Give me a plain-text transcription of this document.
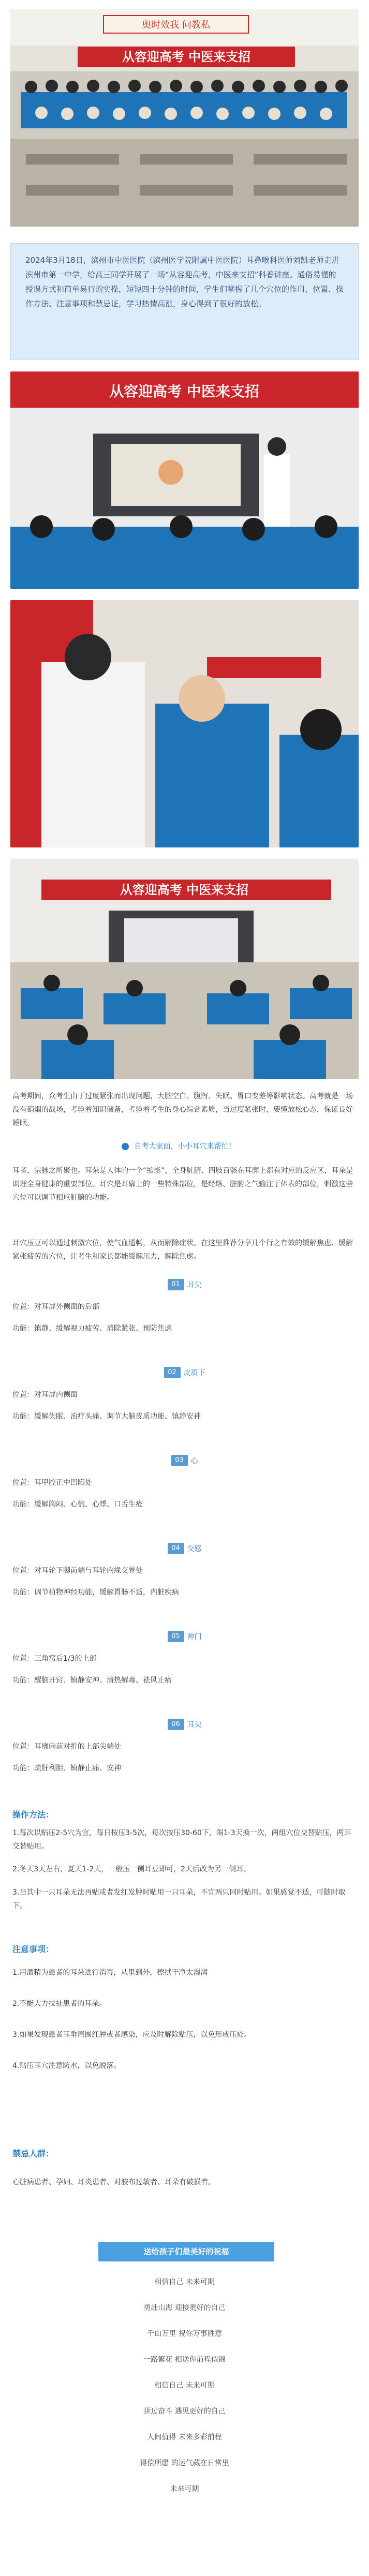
奥时效我 问教私
从容迎高考 中医来支招
2024年3月18日，滨州市中医医院（滨州医学院附属中医医院）耳鼻喉科医师刘凯老师走进滨州市第一中学，给高三同学开展了一场“从容迎高考，中医来支招”科普讲座。通俗易懂的授课方式和简单易行的实操，短短四十分钟的时间，学生们掌握了几个穴位的作用、位置、操作方法、注意事项和禁忌证，学习热情高涨，身心得到了很好的放松。
从容迎高考 中医来支招
从容迎高考 中医来支招
高考期间，众考生由于过度紧张而出现问题，大脑空白、腹泻、失眠、胃口变差等影响状态。高考就是一场没有硝烟的战场，考验着知识储备，考验着考生的身心综合素质，当过度紧张时，要懂放松心态，保证良好睡眠。
自考大家面，小小耳穴来帮忙！
耳者，宗脉之所聚也。耳朵是人体的一个“缩影”，全身脏腑、四肢百骸在耳廓上都有对应的反应区，耳朵是调理全身健康的重要部位。耳穴是耳廓上的一些特殊部位，是经络、脏腑之气输注于体表的部位，刺激这些穴位可以调节相应脏腑的功能。
耳穴压豆可以通过刺激穴位，使气血通畅，从而解除症状。在这里推荐分享几个行之有效的缓解焦虑、缓解紧张疲劳的穴位，让考生和家长都能缓解压力，解除焦虑。
01 耳尖
位置：对耳屏外侧面的后部
功能：镇静、缓解视力疲劳、消除紧张、预防焦虑
02 皮质下
位置：对耳屏内侧面
功能：缓解失眠、治疗头痛、调节大脑皮质功能、镇静安神
03 心
位置：耳甲腔正中凹陷处
功能：缓解胸闷、心慌、心悸、口舌生疮
04 交感
位置：对耳轮下脚前端与耳轮内缘交界处
功能：调节植物神经功能，缓解胃肠不适，内脏疾病
05 神门
位置：三角窝后1/3的上部
功能：醒脑开窍、镇静安神、清热解毒、祛风止痛
06 耳尖
位置：耳廓向前对折的上部尖端处
功能：疏肝利胆、镇静止痛、安神
操作方法：
1.每次以贴压2-5穴为宜，每日按压3-5次，每次按压30-60下，隔1-3天换一次，两组穴位交替贴压，两耳交替贴用。
2.冬天3天左右，夏天1-2天，一般压一侧耳豆即可，2天后改为另一侧耳。
3.当其中一只耳朵无法再贴或者发红发肿时贴用一只耳朵，不宜两只同时贴用。如果感觉不适，可随时取下。
注意事项：
1.用酒精为患者的耳朵进行消毒，从里到外，擦拭干净太湿润
2.不能大力拉扯患者的耳朵。
3.如果发现患者耳垂周围红肿或者感染，应及时解除贴压，以免形成压疮。
4.贴压耳穴注意防水，以免脱落。
禁忌人群：
心脏病患者、孕妇、耳炎患者、对胶布过敏者、耳朵有破损者。
送给孩子们最美好的祝福
相信自己 未来可期
勇赴山海 迎接更好的自己
千山万里 祝你万事胜意
一路繁花 相送你前程似锦
相信自己 未来可期
拼过奋斗 遇见更好的自己
人间值得 未来多彩前程
得偿所愿 的运气藏在日常里
未来可期
